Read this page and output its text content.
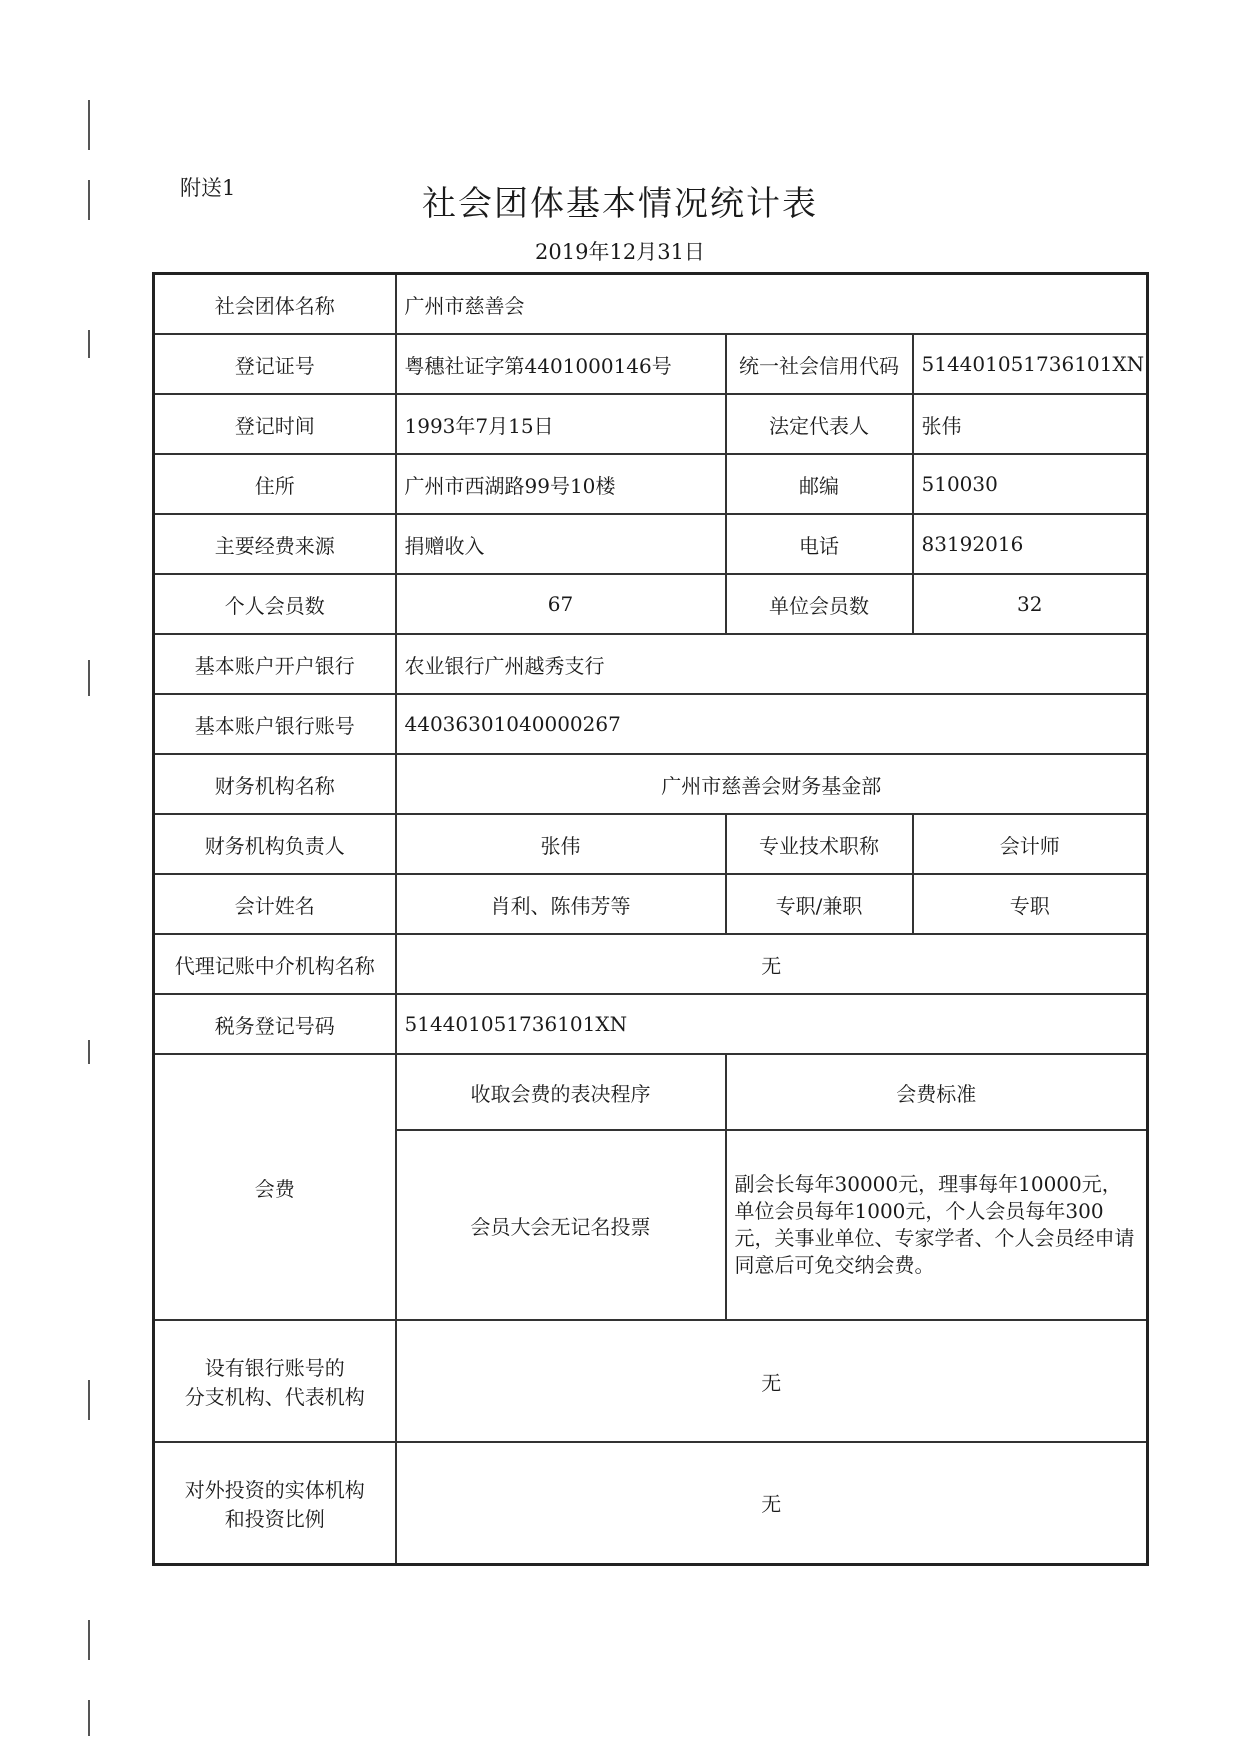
附送1	社会团体基本情况统计表
2019年12月31日
社会团体名称	广州市慈善会		
登记证号	粤穗社证字第4401000146号	统一社会信用代码	514401051736101XN
登记时间	1993年7月15日	法定代表人	张伟
住所	广州市西湖路99号10楼	邮编	510030
主要经费来源	捐赠收入	电话	83192016
个人会员数	67	单位会员数	32
基本账户开户银行	农业银行广州越秀支行		
基本账户银行账号	44036301040000267		
财务机构名称	广州市慈善会财务基金部		
财务机构负责人	张伟	专业技术职称	会计师
会计姓名	肖利、陈伟芳等	专职/兼职	专职
代理记账中介机构名称	无		
税务登记号码	514401051736101XN		
会费	收取会费的表决程序	会费标准	
	会员大会无记名投票	副会长每年30000元，理事每年10000元，单位会员每年1000元，个人会员每年300元，关事业单位、专家学者、个人会员经申请同意后可免交纳会费。	

设有银行账号的
分支机构、代表机构	无		

对外投资的实体机构
和投资比例	无		
